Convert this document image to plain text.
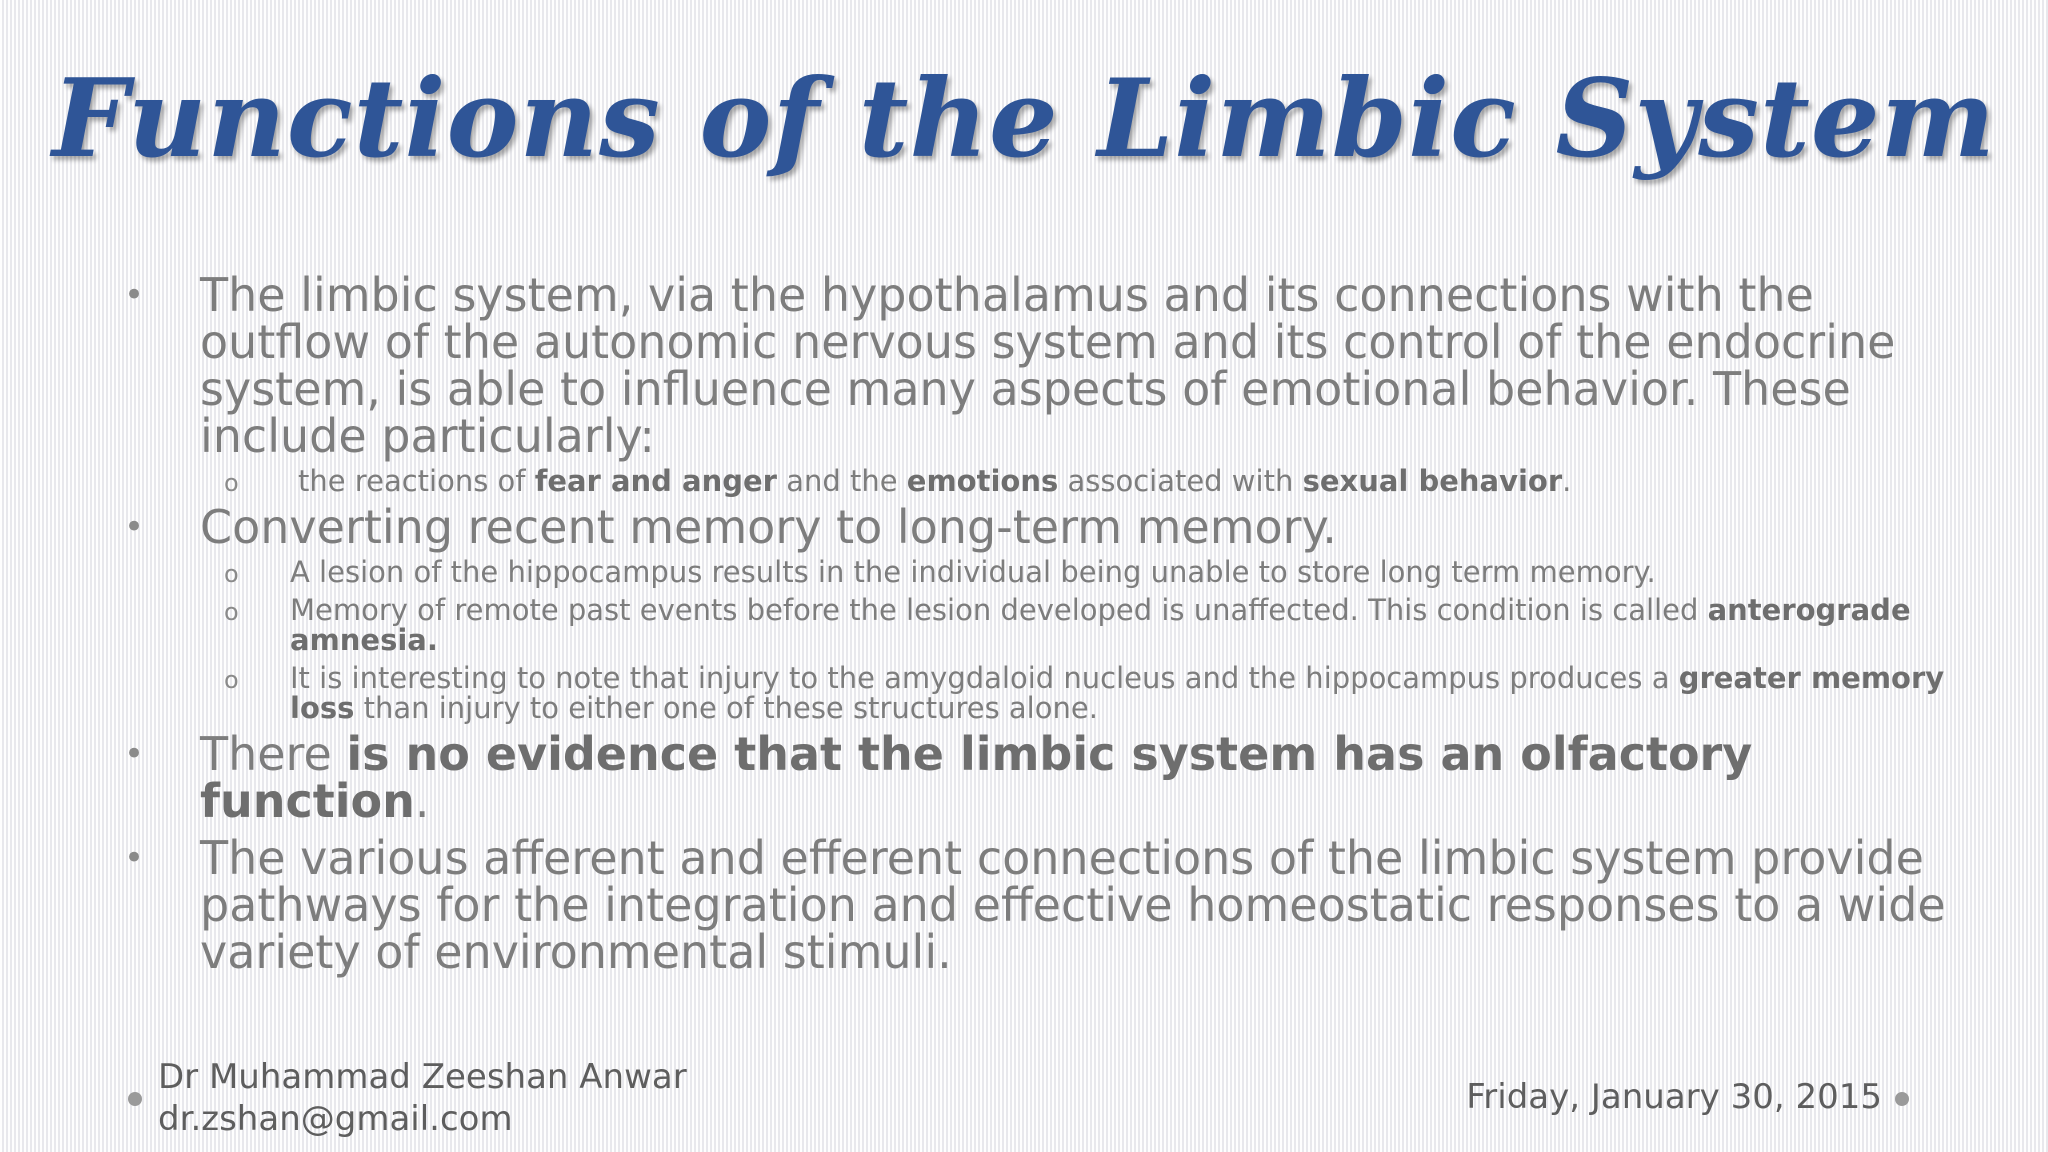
Functions of the Limbic System
•	The limbic system, via the hypothalamus and its connections with the outflow of the autonomic nervous system and its control of the endocrine system, is able to influence many aspects of emotional behavior. These include particularly:
o the reactions of fear and anger and the emotions associated with sexual behavior.
•	Converting recent memory to long-term memory.
o A lesion of the hippocampus results in the individual being unable to store long term memory.
o Memory of remote past events before the lesion developed is unaffected. This condition is called anterograde amnesia.
o It is interesting to note that injury to the amygdaloid nucleus and the hippocampus produces a greater memory loss than injury to either one of these structures alone.
•	There is no evidence that the limbic system has an olfactory function.
•	The various afferent and efferent connections of the limbic system provide pathways for the integration and effective homeostatic responses to a wide variety of environmental stimuli.
Dr Muhammad Zeeshan Anwar
dr.zshan@gmail.com
Friday, January 30, 2015
